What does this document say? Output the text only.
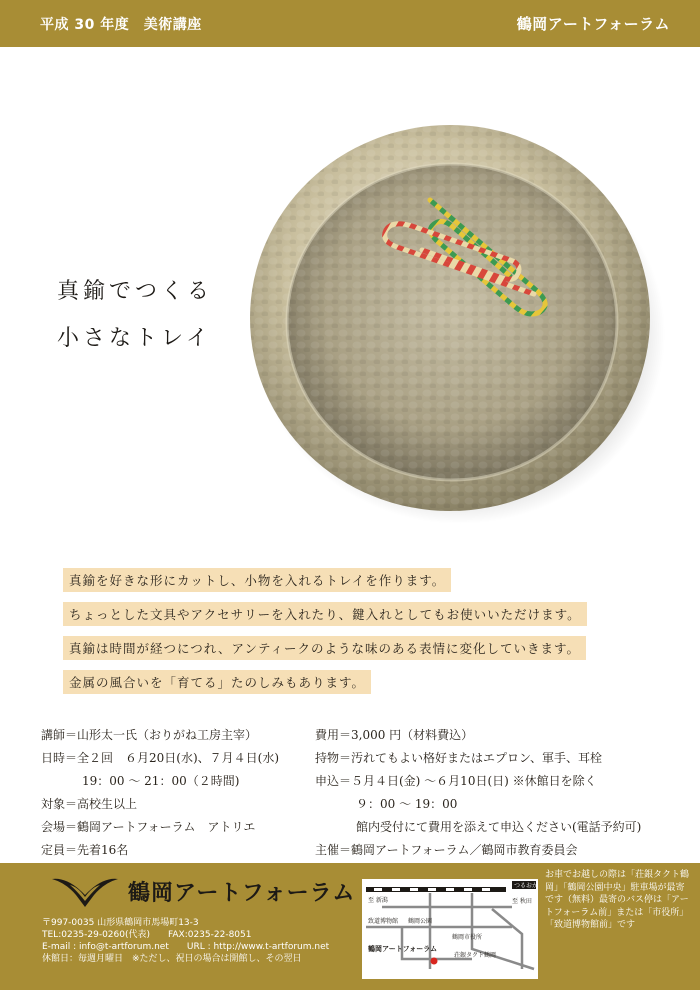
平成 30 年度　美術講座	鶴岡アートフォーラム
真鍮でつくる
小さなトレイ
真鍮を好きな形にカットし、小物を入れるトレイを作ります。
ちょっとした文具やアクセサリーを入れたり、鍵入れとしてもお使いいただけます。
真鍮は時間が経つにつれ、アンティークのような味のある表情に変化していきます。
金属の風合いを「育てる」たのしみもあります。
講師＝山形太一氏（おりがね工房主宰）
日時＝全２回　６月20日(水)、７月４日(水)
19：00 ～ 21：00（２時間)
対象＝高校生以上
会場＝鶴岡アートフォーラム　アトリエ
定員＝先着16名
費用＝3,000 円（材料費込）
持物＝汚れてもよい格好またはエプロン、軍手、耳栓
申込＝５月４日(金) ～６月10日(日) ※休館日を除く
９：00 ～ 19：00
館内受付にて費用を添えて申込ください(電話予約可)
主催＝鶴岡アートフォーラム／鶴岡市教育委員会
鶴岡アートフォーラム
〒997-0035 山形県鶴岡市馬場町13-3
TEL:0235-29-0260(代表) FAX:0235-22-8051
E-mail : info@t-artforum.net URL : http://www.t-artforum.net
休館日：毎週月曜日　※ただし、祝日の場合は開館し、その翌日
つるおか
至 新潟	至 秋田
致道博物館 鶴岡公園
鶴岡市役所
鶴岡アートフォーラム
荘銀タクト鶴岡
お車でお越しの際は「荘銀タクト鶴岡」「鶴岡公園中央」駐車場が最寄です（無料）最寄のバス停は「アートフォーラム前」または「市役所」「致道博物館前」です
